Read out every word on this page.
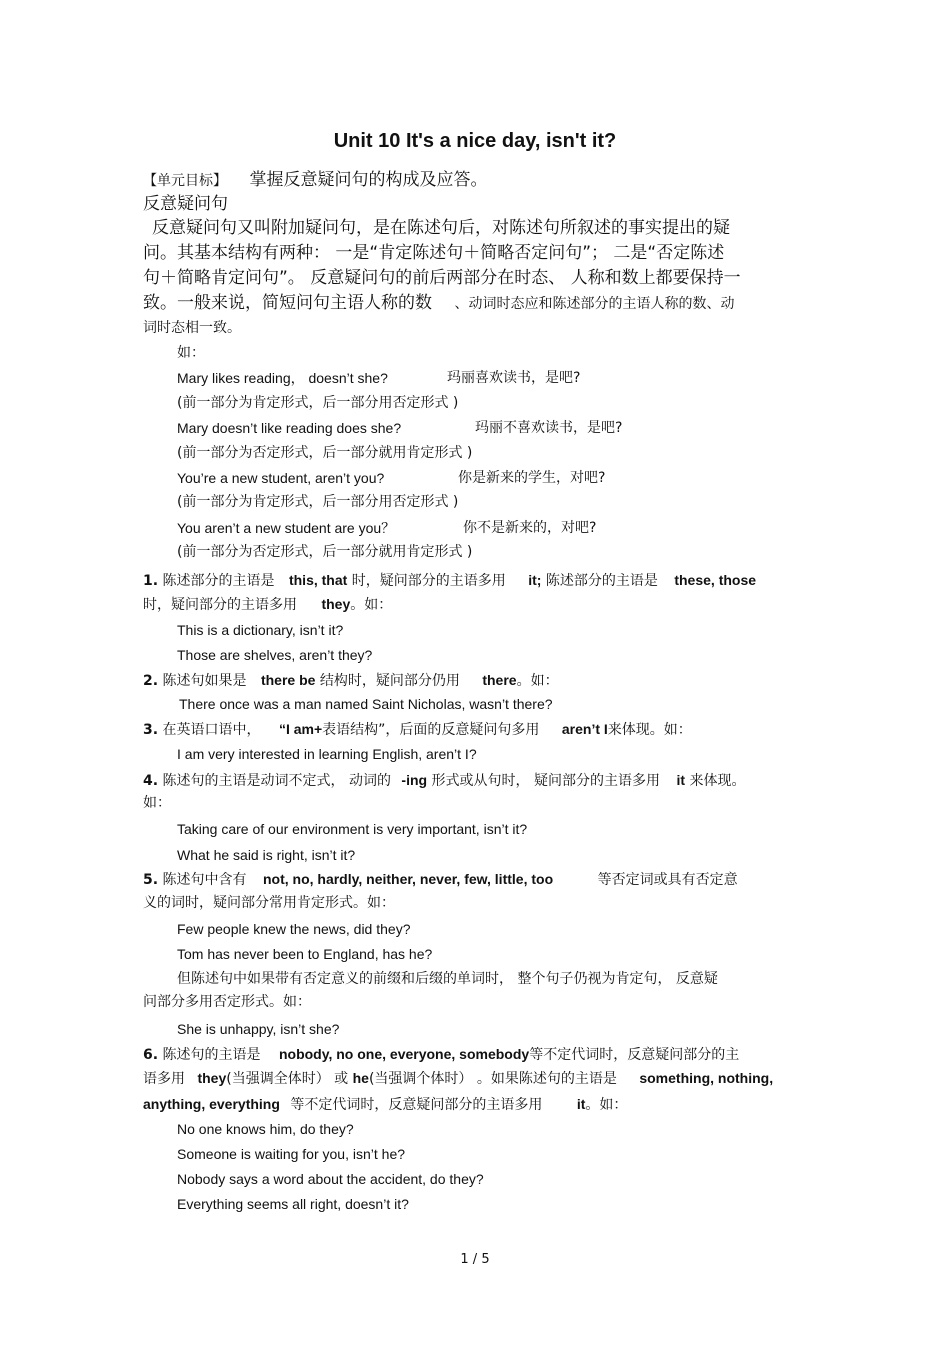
Unit 10 It's a nice day, isn't it?
【单元目标】 掌握反意疑问句的构成及应答。
反意疑问句
反意疑问句又叫附加疑问句，是在陈述句后，对陈述句所叙述的事实提出的疑
问。其基本结构有两种： 一是“肯定陈述句＋简略否定问句”； 二是“否定陈述
句＋简略肯定问句”。 反意疑问句的前后两部分在时态、 人称和数上都要保持一
致。一般来说，简短问句主语人称的数 、动词时态应和陈述部分的主语人称的数、动
词时态相一致。
如：
Mary likes reading， doesn’t she?	玛丽喜欢读书，是吧?
(前一部分为肯定形式，后一部分用否定形式 )
Mary doesn’t like reading does she?	玛丽不喜欢读书，是吧?
(前一部分为否定形式，后一部分就用肯定形式 )
You’re a new student, aren’t you?	你是新来的学生，对吧?
(前一部分为肯定形式，后一部分用否定形式 )
You aren’t a new student are you？	你不是新来的，对吧?
(前一部分为否定形式，后一部分就用肯定形式 )
1. 陈述部分的主语是 this, that 时，疑问部分的主语多用 it; 陈述部分的主语是 these, those
时，疑问部分的主语多用 they。如：
This is a dictionary, isn’t it?
Those are shelves, aren’t they?
2. 陈述句如果是 there be 结构时，疑问部分仍用 there。如：
There once was a man named Saint Nicholas, wasn’t there?
3. 在英语口语中， “I am+表语结构”，后面的反意疑问句多用 aren’t I来体现。如：
I am very interested in learning English, aren’t I?
4. 陈述句的主语是动词不定式， 动词的 -ing 形式或从句时， 疑问部分的主语多用 it 来体现。
如：
Taking care of our environment is very important, isn’t it?
What he said is right, isn’t it?
5. 陈述句中含有 not, no, hardly, neither, never, few, little, too	等否定词或具有否定意
义的词时，疑问部分常用肯定形式。如：
Few people knew the news, did they?
Tom has never been to England, has he?
但陈述句中如果带有否定意义的前缀和后缀的单词时， 整个句子仍视为肯定句， 反意疑
问部分多用否定形式。如：
She is unhappy, isn’t she?
6. 陈述句的主语是 nobody, no one, everyone, somebody等不定代词时，反意疑问部分的主
语多用 they(当强调全体时） 或 he(当强调个体时） 。如果陈述句的主语是 something, nothing,
anything, everything 等不定代词时，反意疑问部分的主语多用 it。如：
No one knows him, do they?
Someone is waiting for you, isn’t he?
Nobody says a word about the accident, do they?
Everything seems all right, doesn’t it?
1 / 5
